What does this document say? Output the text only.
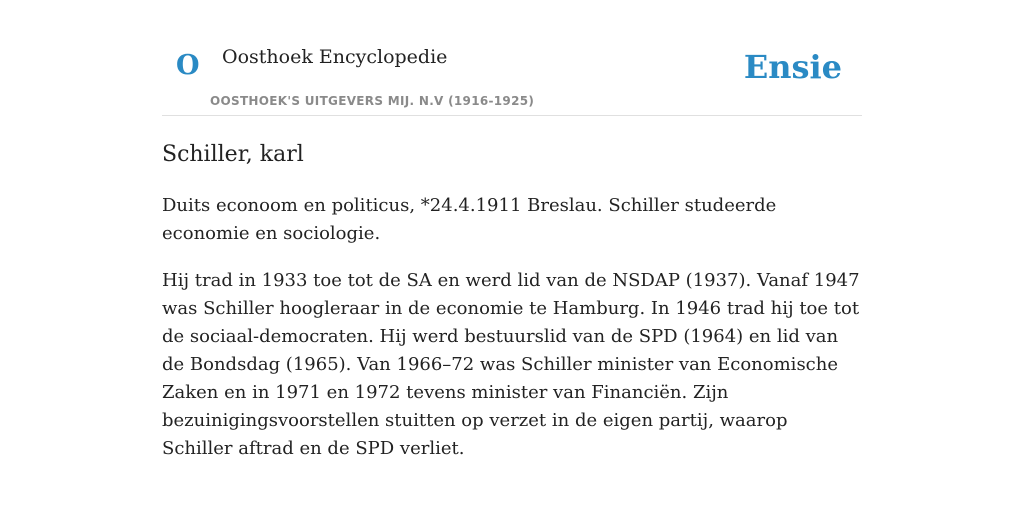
O Oosthoek Encyclopedie
OOSTHOEK'S UITGEVERS MIJ. N.V (1916-1925)
Ensie
Schiller, karl

Duits econoom en politicus, *24.4.1911 Breslau. Schiller studeerde economie en sociologie.

Hij trad in 1933 toe tot de SA en werd lid van de NSDAP (1937). Vanaf 1947 was Schiller hoogleraar in de economie te Hamburg. In 1946 trad hij toe tot de sociaal-democraten. Hij werd bestuurslid van de SPD (1964) en lid van de Bondsdag (1965). Van 1966–72 was Schiller minister van Economische Zaken en in 1971 en 1972 tevens minister van Financiën. Zijn bezuinigingsvoorstellen stuitten op verzet in de eigen partij, waarop Schiller aftrad en de SPD verliet.
